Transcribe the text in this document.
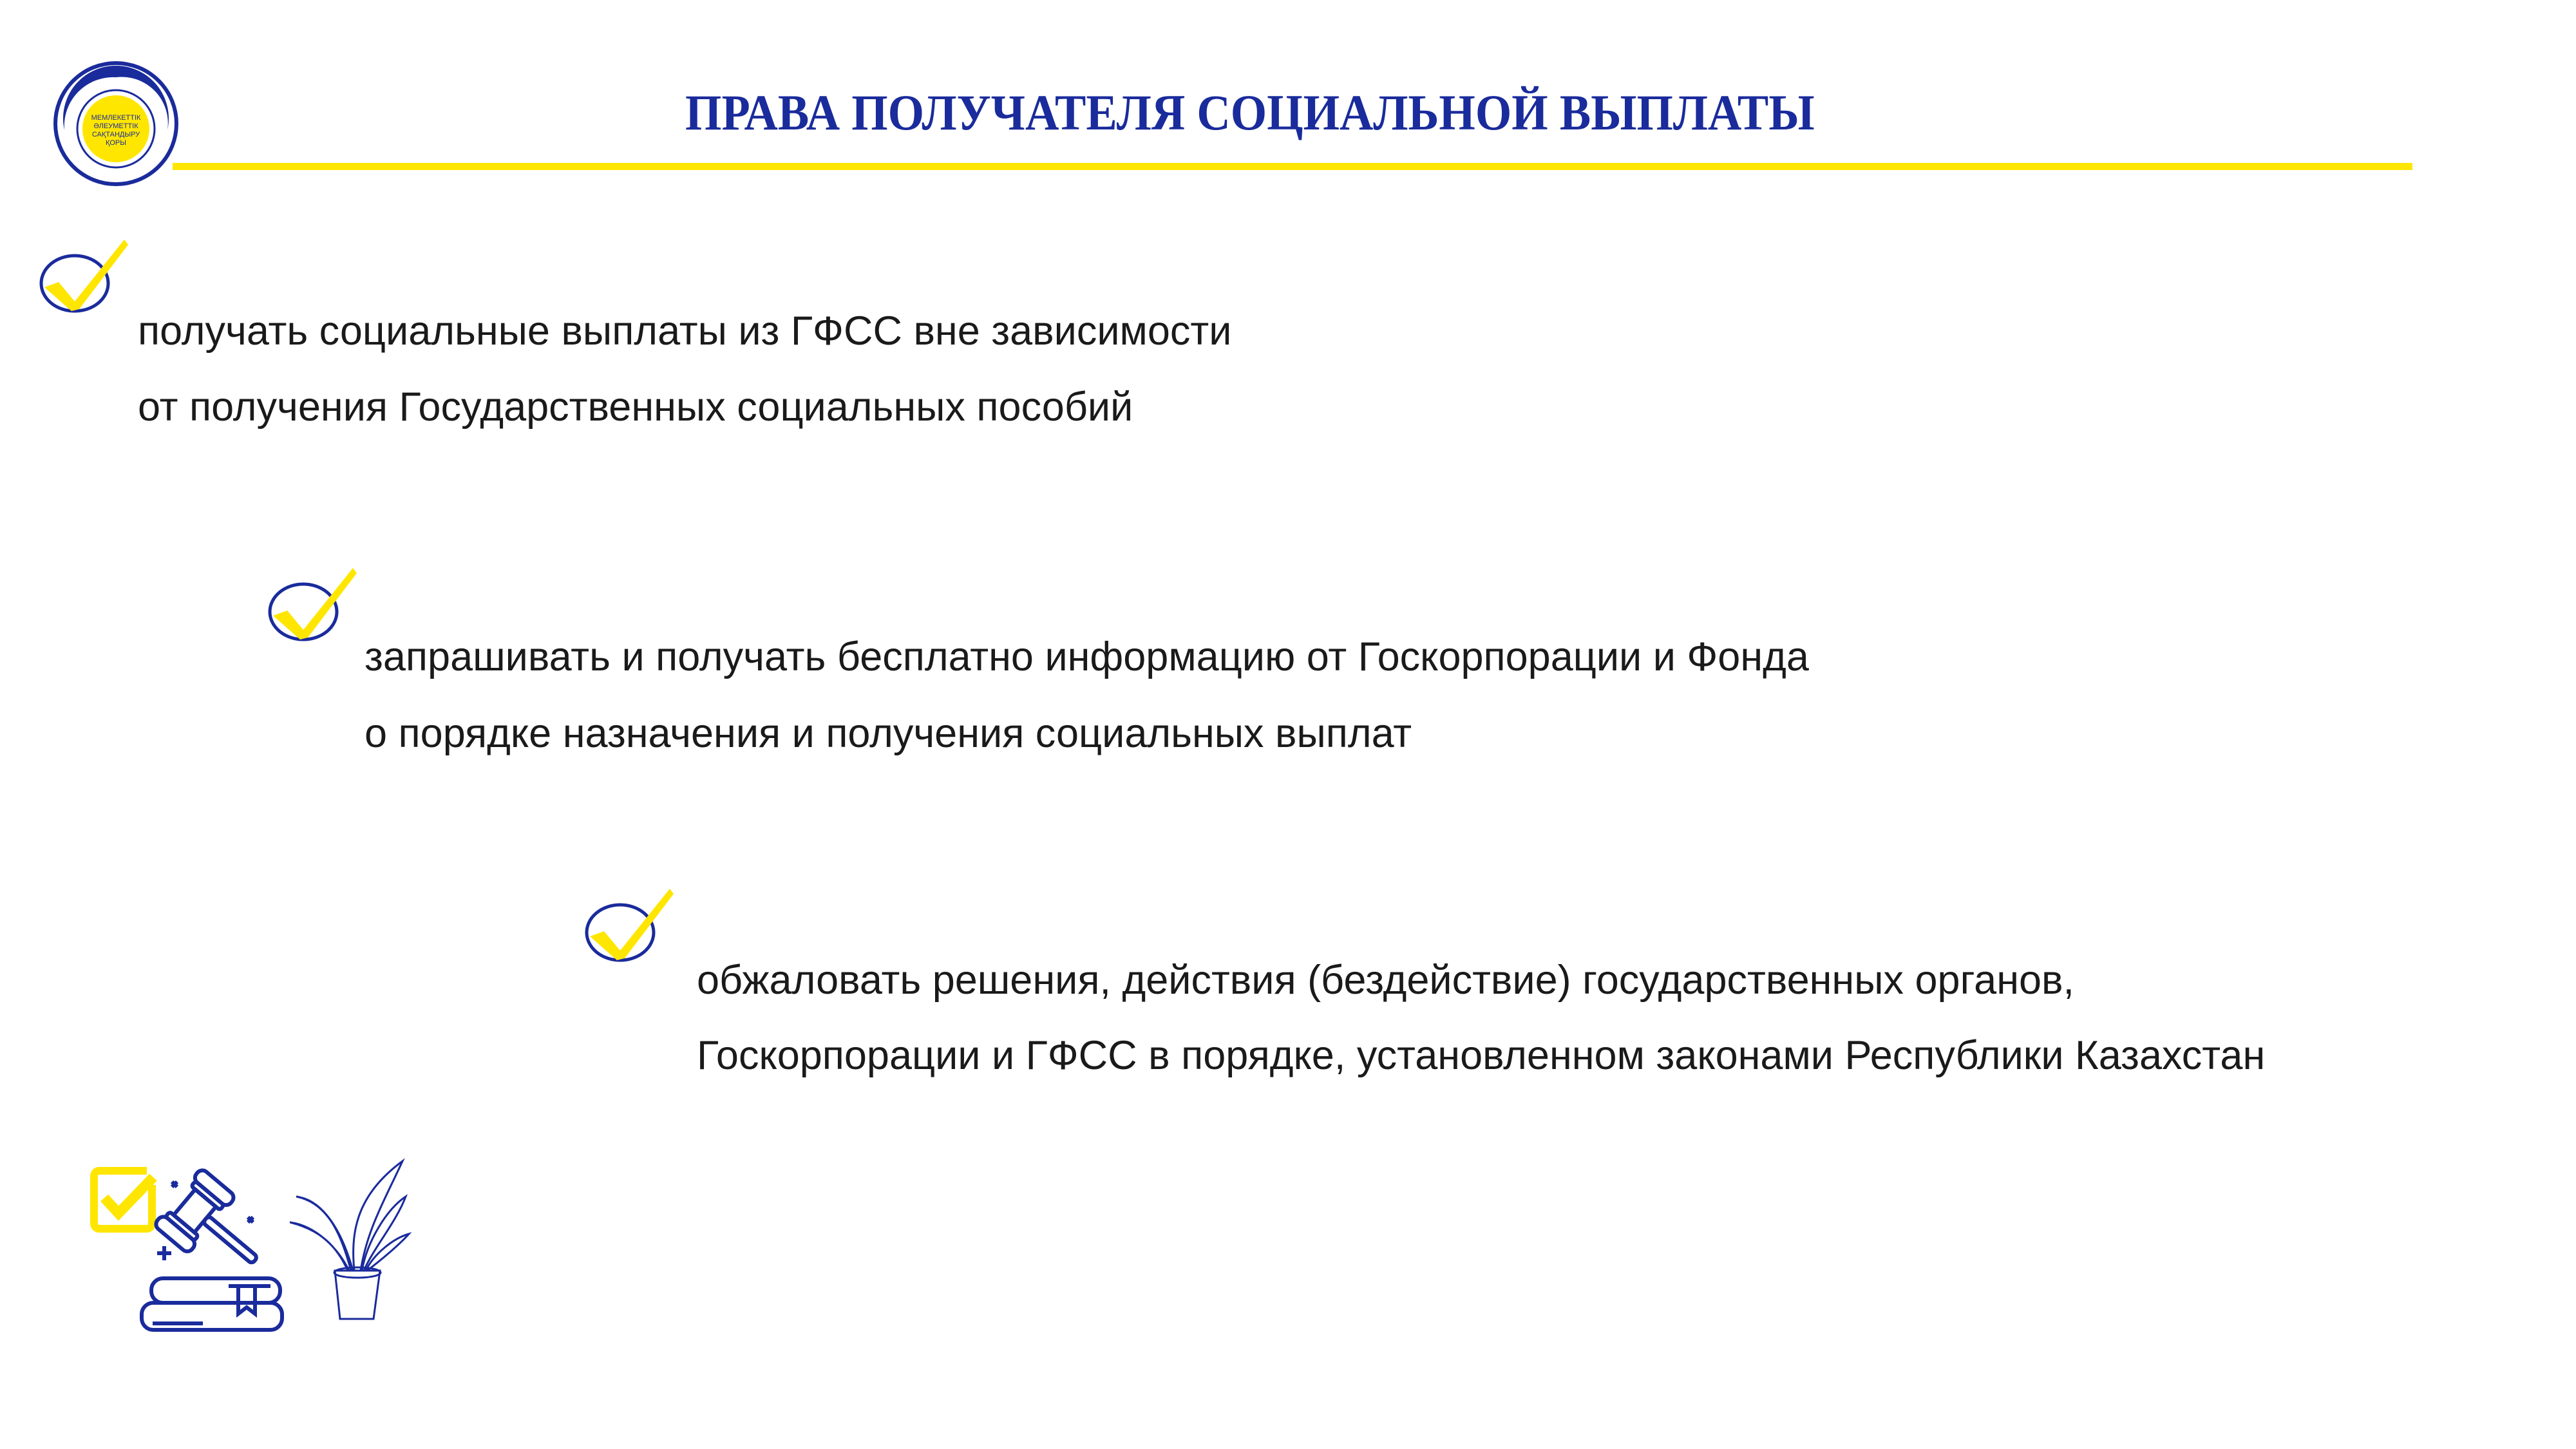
МЕМЛЕКЕТТІК
ӘЛЕУМЕТТІК
САҚТАНДЫРУ
ҚОРЫ
ПРАВА ПОЛУЧАТЕЛЯ СОЦИАЛЬНОЙ ВЫПЛАТЫ
получать социальные выплаты из ГФСС вне зависимости
от получения Государственных социальных пособий
запрашивать и получать бесплатно информацию от Госкорпорации и Фонда
о порядке назначения и получения социальных выплат
обжаловать решения, действия (бездействие) государственных органов,
Госкорпорации и ГФСС в порядке, установленном законами Республики Казахстан
